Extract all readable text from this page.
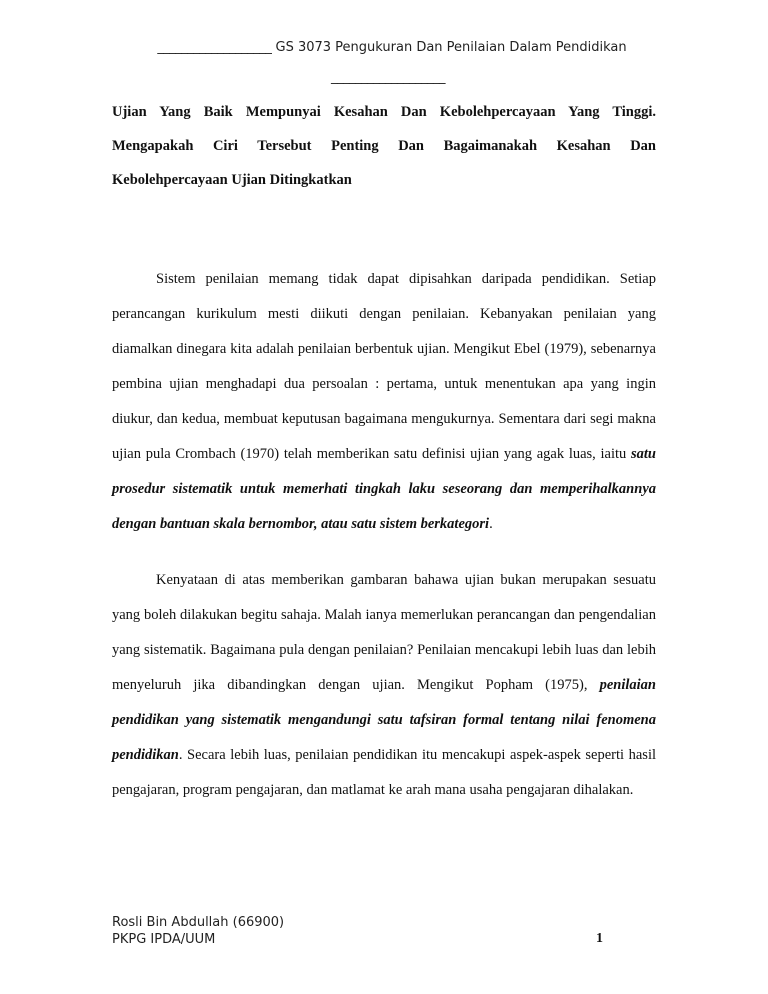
___________________ GS 3073 Pengukuran Dan Penilaian Dalam Pendidikan
___________________
Ujian Yang Baik Mempunyai Kesahan Dan Kebolehpercayaan Yang Tinggi. Mengapakah Ciri Tersebut Penting Dan Bagaimanakah Kesahan Dan Kebolehpercayaan Ujian Ditingkatkan
Sistem penilaian memang tidak dapat dipisahkan daripada pendidikan. Setiap perancangan kurikulum mesti diikuti dengan penilaian. Kebanyakan penilaian yang diamalkan dinegara kita adalah penilaian berbentuk ujian. Mengikut Ebel (1979), sebenarnya pembina ujian menghadapi dua persoalan : pertama, untuk menentukan apa yang ingin diukur, dan kedua, membuat keputusan bagaimana mengukurnya. Sementara dari segi makna ujian pula Crombach (1970) telah memberikan satu definisi ujian yang agak luas, iaitu satu prosedur sistematik untuk memerhati tingkah laku seseorang dan memperihalkannya dengan bantuan skala bernombor, atau satu sistem berkategori.
Kenyataan di atas memberikan gambaran bahawa ujian bukan merupakan sesuatu yang boleh dilakukan begitu sahaja. Malah ianya memerlukan perancangan dan pengendalian yang sistematik. Bagaimana pula dengan penilaian? Penilaian mencakupi lebih luas dan lebih menyeluruh jika dibandingkan dengan ujian. Mengikut Popham (1975), penilaian pendidikan yang sistematik mengandungi satu tafsiran formal tentang nilai fenomena pendidikan. Secara lebih luas, penilaian pendidikan itu mencakupi aspek-aspek seperti hasil pengajaran, program pengajaran, dan matlamat ke arah mana usaha pengajaran dihalakan.
Rosli Bin Abdullah (66900)
PKPG IPDA/UUM	1
